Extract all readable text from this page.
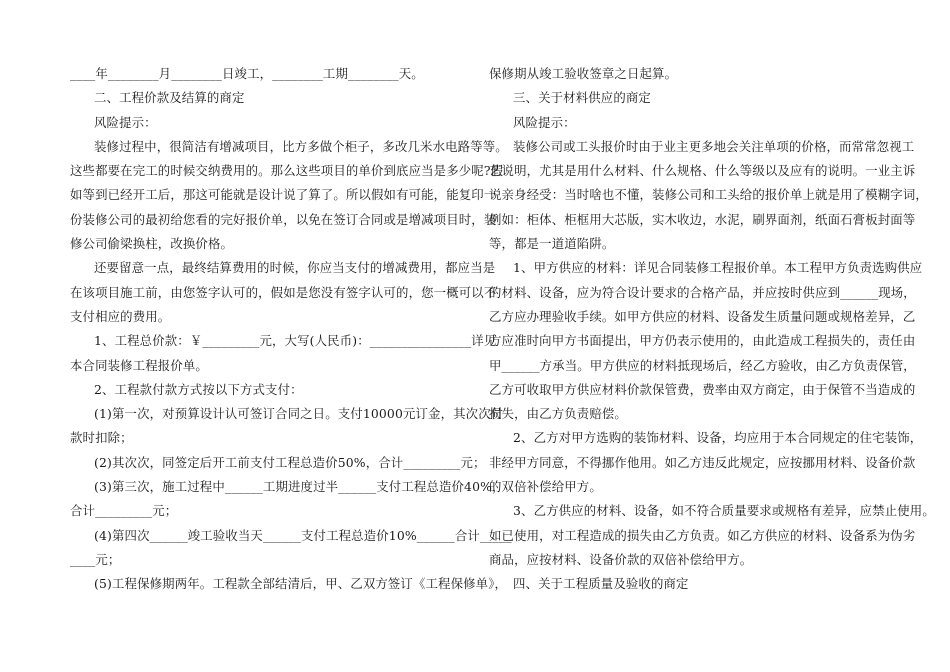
____年________月________日竣工，________工期________天。
二、工程价款及结算的商定
风险提示：
装修过程中，很简洁有增减项目，比方多做个柜子，多改几米水电路等等。
这些都要在完工的时候交纳费用的。那么这些项目的单价到底应当是多少呢?假
如等到已经开工后，那这可能就是设计说了算了。所以假如有可能，能复印一
份装修公司的最初给您看的完好报价单，以免在签订合同或是增减项目时，装
修公司偷梁换柱，改换价格。
还要留意一点，最终结算费用的时候，你应当支付的增减费用，都应当是
在该项目施工前，由您签字认可的，假如是您没有签字认可的，您一概可以不
支付相应的费用。
1、工程总价款：￥_________元，大写(人民币)：________________详见
本合同装修工程报价单。
2、工程款付款方式按以下方式支付：
(1)第一次，对预算设计认可签订合同之日。支付10000元订金，其次次付
款时扣除；
(2)其次次，同签定后开工前支付工程总造价50%，合计_________元；
(3)第三次，施工过程中______工期进度过半______支付工程总造价40%，
合计_________元；
(4)第四次______竣工验收当天______支付工程总造价10%______合计_____
____元；
(5)工程保修期两年。工程款全部结清后，甲、乙双方签订《工程保修单》，
保修期从竣工验收签章之日起算。
三、关于材料供应的商定
风险提示：
装修公司或工头报价时由于业主更多地会关注单项的价格，而常常忽视工
艺说明，尤其是用什么材料、什么规格、什么等级以及应有的说明。一业主诉
说亲身经受：当时啥也不懂，装修公司和工头给的报价单上就是用了模糊字词，
例如：柜体、柜框用大芯版，实木收边，水泥，刷界面剂，纸面石膏板封面等
等，都是一道道陷阱。
1、甲方供应的材料：详见合同装修工程报价单。本工程甲方负责选购供应
的材料、设备，应为符合设计要求的合格产品，并应按时供应到______现场，
乙方应办理验收手续。如甲方供应的材料、设备发生质量问题或规格差异，乙
方应准时向甲方书面提出，甲方仍表示使用的，由此造成工程损失的，责任由
甲______方承当。甲方供应的材料抵现场后，经乙方验收，由乙方负责保管，
乙方可收取甲方供应材料价款保管费，费率由双方商定，由于保管不当造成的
损失，由乙方负责赔偿。
2、乙方对甲方选购的装饰材料、设备，均应用于本合同规定的住宅装饰，
非经甲方同意，不得挪作他用。如乙方违反此规定，应按挪用材料、设备价款
的双倍补偿给甲方。
3、乙方供应的材料、设备，如不符合质量要求或规格有差异，应禁止使用。
如已使用，对工程造成的损失由乙方负责。如乙方供应的材料、设备系为伪劣
商品，应按材料、设备价款的双倍补偿给甲方。
四、关于工程质量及验收的商定
